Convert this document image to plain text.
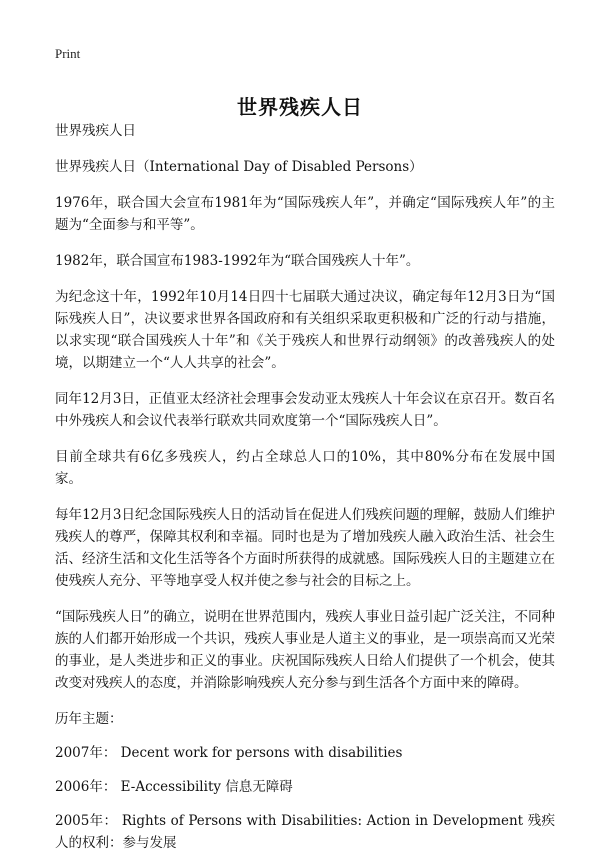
Print
世界残疾人日

世界残疾人日

世界残疾人日（International Day of Disabled Persons）

1976年，联合国大会宣布1981年为“国际残疾人年”，并确定“国际残疾人年”的主题为“全面参与和平等”。

1982年，联合国宣布1983-1992年为“联合国残疾人十年”。

为纪念这十年，1992年10月14日四十七届联大通过决议，确定每年12月3日为“国际残疾人日”，决议要求世界各国政府和有关组织采取更积极和广泛的行动与措施，以求实现“联合国残疾人十年”和《关于残疾人和世界行动纲领》的改善残疾人的处境，以期建立一个“人人共享的社会”。

同年12月3日，正值亚太经济社会理事会发动亚太残疾人十年会议在京召开。数百名中外残疾人和会议代表举行联欢共同欢度第一个“国际残疾人日”。

目前全球共有6亿多残疾人，约占全球总人口的10%，其中80%分布在发展中国家。

每年12月3日纪念国际残疾人日的活动旨在促进人们残疾问题的理解，鼓励人们维护残疾人的尊严，保障其权利和幸福。同时也是为了增加残疾人融入政治生活、社会生活、经济生活和文化生活等各个方面时所获得的成就感。国际残疾人日的主题建立在使残疾人充分、平等地享受人权并使之参与社会的目标之上。

“国际残疾人日”的确立，说明在世界范围内，残疾人事业日益引起广泛关注，不同种族的人们都开始形成一个共识，残疾人事业是人道主义的事业，是一项崇高而又光荣的事业，是人类进步和正义的事业。庆祝国际残疾人日给人们提供了一个机会，使其改变对残疾人的态度，并消除影响残疾人充分参与到生活各个方面中来的障碍。

历年主题：

2007年： Decent work for persons with disabilities

2006年： E-Accessibility 信息无障碍

2005年： Rights of Persons with Disabilities: Action in Development 残疾人的权利：参与发展
